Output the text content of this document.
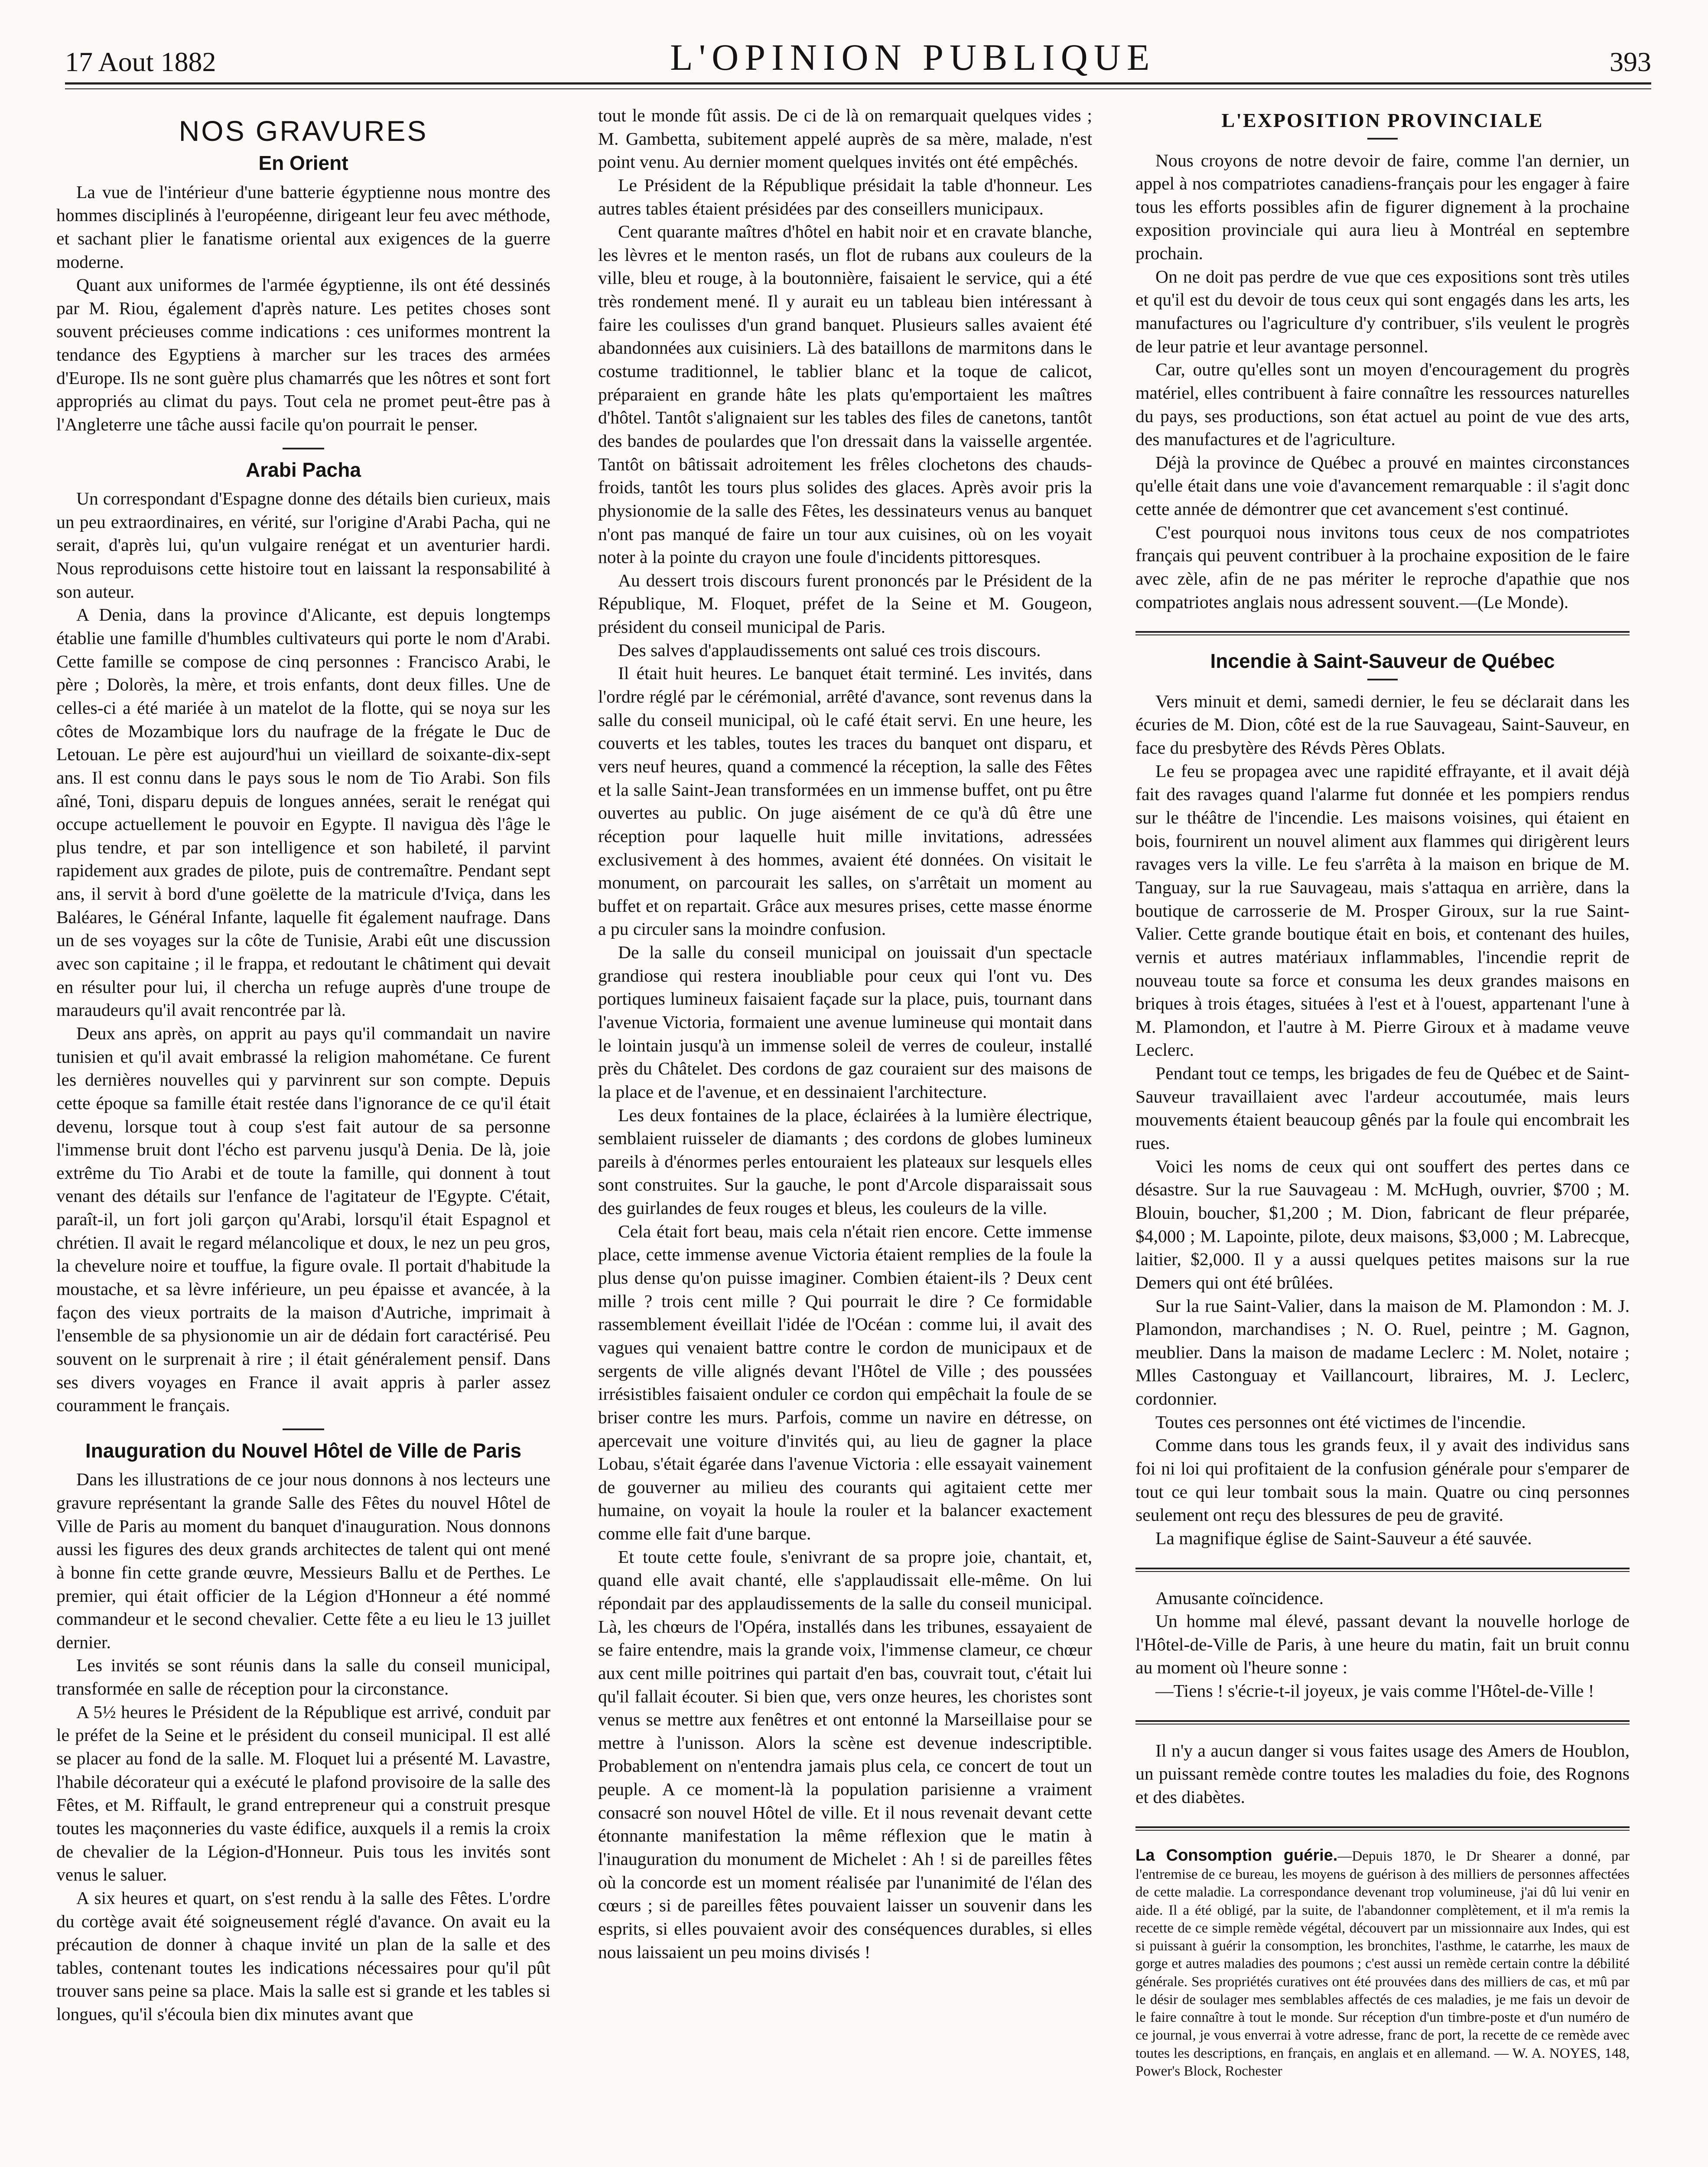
17 Aout 1882	L'OPINION PUBLIQUE	393
NOS GRAVURES
En Orient

La vue de l'intérieur d'une batterie égyptienne nous montre des hommes disciplinés à l'européenne, dirigeant leur feu avec méthode, et sachant plier le fanatisme oriental aux exigences de la guerre moderne.

Quant aux uniformes de l'armée égyptienne, ils ont été dessinés par M. Riou, également d'après nature. Les petites choses sont souvent précieuses comme indications : ces uniformes montrent la tendance des Egyptiens à marcher sur les traces des armées d'Europe. Ils ne sont guère plus chamarrés que les nôtres et sont fort appropriés au climat du pays. Tout cela ne promet peut-être pas à l'Angleterre une tâche aussi facile qu'on pourrait le penser.

Arabi Pacha

Un correspondant d'Espagne donne des détails bien curieux, mais un peu extraordinaires, en vérité, sur l'origine d'Arabi Pacha, qui ne serait, d'après lui, qu'un vulgaire renégat et un aventurier hardi. Nous reproduisons cette histoire tout en laissant la responsabilité à son auteur.

A Denia, dans la province d'Alicante, est depuis longtemps établie une famille d'humbles cultivateurs qui porte le nom d'Arabi. Cette famille se compose de cinq personnes : Francisco Arabi, le père ; Dolorès, la mère, et trois enfants, dont deux filles. Une de celles-ci a été mariée à un matelot de la flotte, qui se noya sur les côtes de Mozambique lors du naufrage de la frégate le Duc de Letouan. Le père est aujourd'hui un vieillard de soixante-dix-sept ans. Il est connu dans le pays sous le nom de Tio Arabi. Son fils aîné, Toni, disparu depuis de longues années, serait le renégat qui occupe actuellement le pouvoir en Egypte. Il navigua dès l'âge le plus tendre, et par son intelligence et son habileté, il parvint rapidement aux grades de pilote, puis de contremaître. Pendant sept ans, il servit à bord d'une goëlette de la matricule d'Iviça, dans les Baléares, le Général Infante, laquelle fit également naufrage. Dans un de ses voyages sur la côte de Tunisie, Arabi eût une discussion avec son capitaine ; il le frappa, et redoutant le châtiment qui devait en résulter pour lui, il chercha un refuge auprès d'une troupe de maraudeurs qu'il avait rencontrée par là.

Deux ans après, on apprit au pays qu'il commandait un navire tunisien et qu'il avait embrassé la religion mahométane. Ce furent les dernières nouvelles qui y parvinrent sur son compte. Depuis cette époque sa famille était restée dans l'ignorance de ce qu'il était devenu, lorsque tout à coup s'est fait autour de sa personne l'immense bruit dont l'écho est parvenu jusqu'à Denia. De là, joie extrême du Tio Arabi et de toute la famille, qui donnent à tout venant des détails sur l'enfance de l'agitateur de l'Egypte. C'était, paraît-il, un fort joli garçon qu'Arabi, lorsqu'il était Espagnol et chrétien. Il avait le regard mélancolique et doux, le nez un peu gros, la chevelure noire et touffue, la figure ovale. Il portait d'habitude la moustache, et sa lèvre inférieure, un peu épaisse et avancée, à la façon des vieux portraits de la maison d'Autriche, imprimait à l'ensemble de sa physionomie un air de dédain fort caractérisé. Peu souvent on le surprenait à rire ; il était généralement pensif. Dans ses divers voyages en France il avait appris à parler assez couramment le français.

Inauguration du Nouvel Hôtel de Ville de Paris

Dans les illustrations de ce jour nous donnons à nos lecteurs une gravure représentant la grande Salle des Fêtes du nouvel Hôtel de Ville de Paris au moment du banquet d'inauguration. Nous donnons aussi les figures des deux grands architectes de talent qui ont mené à bonne fin cette grande œuvre, Messieurs Ballu et de Perthes. Le premier, qui était officier de la Légion d'Honneur a été nommé commandeur et le second chevalier. Cette fête a eu lieu le 13 juillet dernier.

Les invités se sont réunis dans la salle du conseil municipal, transformée en salle de réception pour la circonstance.

A 5½ heures le Président de la République est arrivé, conduit par le préfet de la Seine et le président du conseil municipal. Il est allé se placer au fond de la salle. M. Floquet lui a présenté M. Lavastre, l'habile décorateur qui a exécuté le plafond provisoire de la salle des Fêtes, et M. Riffault, le grand entrepreneur qui a construit presque toutes les maçonneries du vaste édifice, auxquels il a remis la croix de chevalier de la Légion-d'Honneur. Puis tous les invités sont venus le saluer.

A six heures et quart, on s'est rendu à la salle des Fêtes. L'ordre du cortège avait été soigneusement réglé d'avance. On avait eu la précaution de donner à chaque invité un plan de la salle et des tables, contenant toutes les indications nécessaires pour qu'il pût trouver sans peine sa place. Mais la salle est si grande et les tables si longues, qu'il s'écoula bien dix minutes avant que

tout le monde fût assis. De ci de là on remarquait quelques vides ; M. Gambetta, subitement appelé auprès de sa mère, malade, n'est point venu. Au dernier moment quelques invités ont été empêchés.

Le Président de la République présidait la table d'honneur. Les autres tables étaient présidées par des conseillers municipaux.

Cent quarante maîtres d'hôtel en habit noir et en cravate blanche, les lèvres et le menton rasés, un flot de rubans aux couleurs de la ville, bleu et rouge, à la boutonnière, faisaient le service, qui a été très rondement mené. Il y aurait eu un tableau bien intéressant à faire les coulisses d'un grand banquet. Plusieurs salles avaient été abandonnées aux cuisiniers. Là des bataillons de marmitons dans le costume traditionnel, le tablier blanc et la toque de calicot, préparaient en grande hâte les plats qu'emportaient les maîtres d'hôtel. Tantôt s'alignaient sur les tables des files de canetons, tantôt des bandes de poulardes que l'on dressait dans la vaisselle argentée. Tantôt on bâtissait adroitement les frêles clochetons des chauds-froids, tantôt les tours plus solides des glaces. Après avoir pris la physionomie de la salle des Fêtes, les dessinateurs venus au banquet n'ont pas manqué de faire un tour aux cuisines, où on les voyait noter à la pointe du crayon une foule d'incidents pittoresques.

Au dessert trois discours furent prononcés par le Président de la République, M. Floquet, préfet de la Seine et M. Gougeon, président du conseil municipal de Paris.

Des salves d'applaudissements ont salué ces trois discours.

Il était huit heures. Le banquet était terminé. Les invités, dans l'ordre réglé par le cérémonial, arrêté d'avance, sont revenus dans la salle du conseil municipal, où le café était servi. En une heure, les couverts et les tables, toutes les traces du banquet ont disparu, et vers neuf heures, quand a commencé la réception, la salle des Fêtes et la salle Saint-Jean transformées en un immense buffet, ont pu être ouvertes au public. On juge aisément de ce qu'à dû être une réception pour laquelle huit mille invitations, adressées exclusivement à des hommes, avaient été données. On visitait le monument, on parcourait les salles, on s'arrêtait un moment au buffet et on repartait. Grâce aux mesures prises, cette masse énorme a pu circuler sans la moindre confusion.

De la salle du conseil municipal on jouissait d'un spectacle grandiose qui restera inoubliable pour ceux qui l'ont vu. Des portiques lumineux faisaient façade sur la place, puis, tournant dans l'avenue Victoria, formaient une avenue lumineuse qui montait dans le lointain jusqu'à un immense soleil de verres de couleur, installé près du Châtelet. Des cordons de gaz couraient sur des maisons de la place et de l'avenue, et en dessinaient l'architecture.

Les deux fontaines de la place, éclairées à la lumière électrique, semblaient ruisseler de diamants ; des cordons de globes lumineux pareils à d'énormes perles entouraient les plateaux sur lesquels elles sont construites. Sur la gauche, le pont d'Arcole disparaissait sous des guirlandes de feux rouges et bleus, les couleurs de la ville.

Cela était fort beau, mais cela n'était rien encore. Cette immense place, cette immense avenue Victoria étaient remplies de la foule la plus dense qu'on puisse imaginer. Combien étaient-ils ? Deux cent mille ? trois cent mille ? Qui pourrait le dire ? Ce formidable rassemblement éveillait l'idée de l'Océan : comme lui, il avait des vagues qui venaient battre contre le cordon de municipaux et de sergents de ville alignés devant l'Hôtel de Ville ; des poussées irrésistibles faisaient onduler ce cordon qui empêchait la foule de se briser contre les murs. Parfois, comme un navire en détresse, on apercevait une voiture d'invités qui, au lieu de gagner la place Lobau, s'était égarée dans l'avenue Victoria : elle essayait vainement de gouverner au milieu des courants qui agitaient cette mer humaine, on voyait la houle la rouler et la balancer exactement comme elle fait d'une barque.

Et toute cette foule, s'enivrant de sa propre joie, chantait, et, quand elle avait chanté, elle s'applaudissait elle-même. On lui répondait par des applaudissements de la salle du conseil municipal. Là, les chœurs de l'Opéra, installés dans les tribunes, essayaient de se faire entendre, mais la grande voix, l'immense clameur, ce chœur aux cent mille poitrines qui partait d'en bas, couvrait tout, c'était lui qu'il fallait écouter. Si bien que, vers onze heures, les choristes sont venus se mettre aux fenêtres et ont entonné la Marseillaise pour se mettre à l'unisson. Alors la scène est devenue indescriptible. Probablement on n'entendra jamais plus cela, ce concert de tout un peuple. A ce moment-là la population parisienne a vraiment consacré son nouvel Hôtel de ville. Et il nous revenait devant cette étonnante manifestation la même réflexion que le matin à l'inauguration du monument de Michelet : Ah ! si de pareilles fêtes où la concorde est un moment réalisée par l'unanimité de l'élan des cœurs ; si de pareilles fêtes pouvaient laisser un souvenir dans les esprits, si elles pouvaient avoir des conséquences durables, si elles nous laissaient un peu moins divisés !

L'EXPOSITION PROVINCIALE

Nous croyons de notre devoir de faire, comme l'an dernier, un appel à nos compatriotes canadiens-français pour les engager à faire tous les efforts possibles afin de figurer dignement à la prochaine exposition provinciale qui aura lieu à Montréal en septembre prochain.

On ne doit pas perdre de vue que ces expositions sont très utiles et qu'il est du devoir de tous ceux qui sont engagés dans les arts, les manufactures ou l'agriculture d'y contribuer, s'ils veulent le progrès de leur patrie et leur avantage personnel.

Car, outre qu'elles sont un moyen d'encouragement du progrès matériel, elles contribuent à faire connaître les ressources naturelles du pays, ses productions, son état actuel au point de vue des arts, des manufactures et de l'agriculture.

Déjà la province de Québec a prouvé en maintes circonstances qu'elle était dans une voie d'avancement remarquable : il s'agit donc cette année de démontrer que cet avancement s'est continué.

C'est pourquoi nous invitons tous ceux de nos compatriotes français qui peuvent contribuer à la prochaine exposition de le faire avec zèle, afin de ne pas mériter le reproche d'apathie que nos compatriotes anglais nous adressent souvent.—(Le Monde).

Incendie à Saint-Sauveur de Québec

Vers minuit et demi, samedi dernier, le feu se déclarait dans les écuries de M. Dion, côté est de la rue Sauvageau, Saint-Sauveur, en face du presbytère des Révds Pères Oblats.

Le feu se propagea avec une rapidité effrayante, et il avait déjà fait des ravages quand l'alarme fut donnée et les pompiers rendus sur le théâtre de l'incendie. Les maisons voisines, qui étaient en bois, fournirent un nouvel aliment aux flammes qui dirigèrent leurs ravages vers la ville. Le feu s'arrêta à la maison en brique de M. Tanguay, sur la rue Sauvageau, mais s'attaqua en arrière, dans la boutique de carrosserie de M. Prosper Giroux, sur la rue Saint-Valier. Cette grande boutique était en bois, et contenant des huiles, vernis et autres matériaux inflammables, l'incendie reprit de nouveau toute sa force et consuma les deux grandes maisons en briques à trois étages, situées à l'est et à l'ouest, appartenant l'une à M. Plamondon, et l'autre à M. Pierre Giroux et à madame veuve Leclerc.

Pendant tout ce temps, les brigades de feu de Québec et de Saint-Sauveur travaillaient avec l'ardeur accoutumée, mais leurs mouvements étaient beaucoup gênés par la foule qui encombrait les rues.

Voici les noms de ceux qui ont souffert des pertes dans ce désastre. Sur la rue Sauvageau : M. McHugh, ouvrier, $700 ; M. Blouin, boucher, $1,200 ; M. Dion, fabricant de fleur préparée, $4,000 ; M. Lapointe, pilote, deux maisons, $3,000 ; M. Labrecque, laitier, $2,000. Il y a aussi quelques petites maisons sur la rue Demers qui ont été brûlées.

Sur la rue Saint-Valier, dans la maison de M. Plamondon : M. J. Plamondon, marchandises ; N. O. Ruel, peintre ; M. Gagnon, meublier. Dans la maison de madame Leclerc : M. Nolet, notaire ; Mlles Castonguay et Vaillancourt, libraires, M. J. Leclerc, cordonnier.

Toutes ces personnes ont été victimes de l'incendie.

Comme dans tous les grands feux, il y avait des individus sans foi ni loi qui profitaient de la confusion générale pour s'emparer de tout ce qui leur tombait sous la main. Quatre ou cinq personnes seulement ont reçu des blessures de peu de gravité.

La magnifique église de Saint-Sauveur a été sauvée.

Amusante coïncidence.

Un homme mal élevé, passant devant la nouvelle horloge de l'Hôtel-de-Ville de Paris, à une heure du matin, fait un bruit connu au moment où l'heure sonne :

—Tiens ! s'écrie-t-il joyeux, je vais comme l'Hôtel-de-Ville !

Il n'y a aucun danger si vous faites usage des Amers de Houblon, un puissant remède contre toutes les maladies du foie, des Rognons et des diabètes.

La Consomption guérie.—Depuis 1870, le Dr Shearer a donné, par l'entremise de ce bureau, les moyens de guérison à des milliers de personnes affectées de cette maladie. La correspondance devenant trop volumineuse, j'ai dû lui venir en aide. Il a été obligé, par la suite, de l'abandonner complètement, et il m'a remis la recette de ce simple remède végétal, découvert par un missionnaire aux Indes, qui est si puissant à guérir la consomption, les bronchites, l'asthme, le catarrhe, les maux de gorge et autres maladies des poumons ; c'est aussi un remède certain contre la débilité générale. Ses propriétés curatives ont été prouvées dans des milliers de cas, et mû par le désir de soulager mes semblables affectés de ces maladies, je me fais un devoir de le faire connaître à tout le monde. Sur réception d'un timbre-poste et d'un numéro de ce journal, je vous enverrai à votre adresse, franc de port, la recette de ce remède avec toutes les descriptions, en français, en anglais et en allemand. — W. A. NOYES, 148, Power's Block, Rochester
